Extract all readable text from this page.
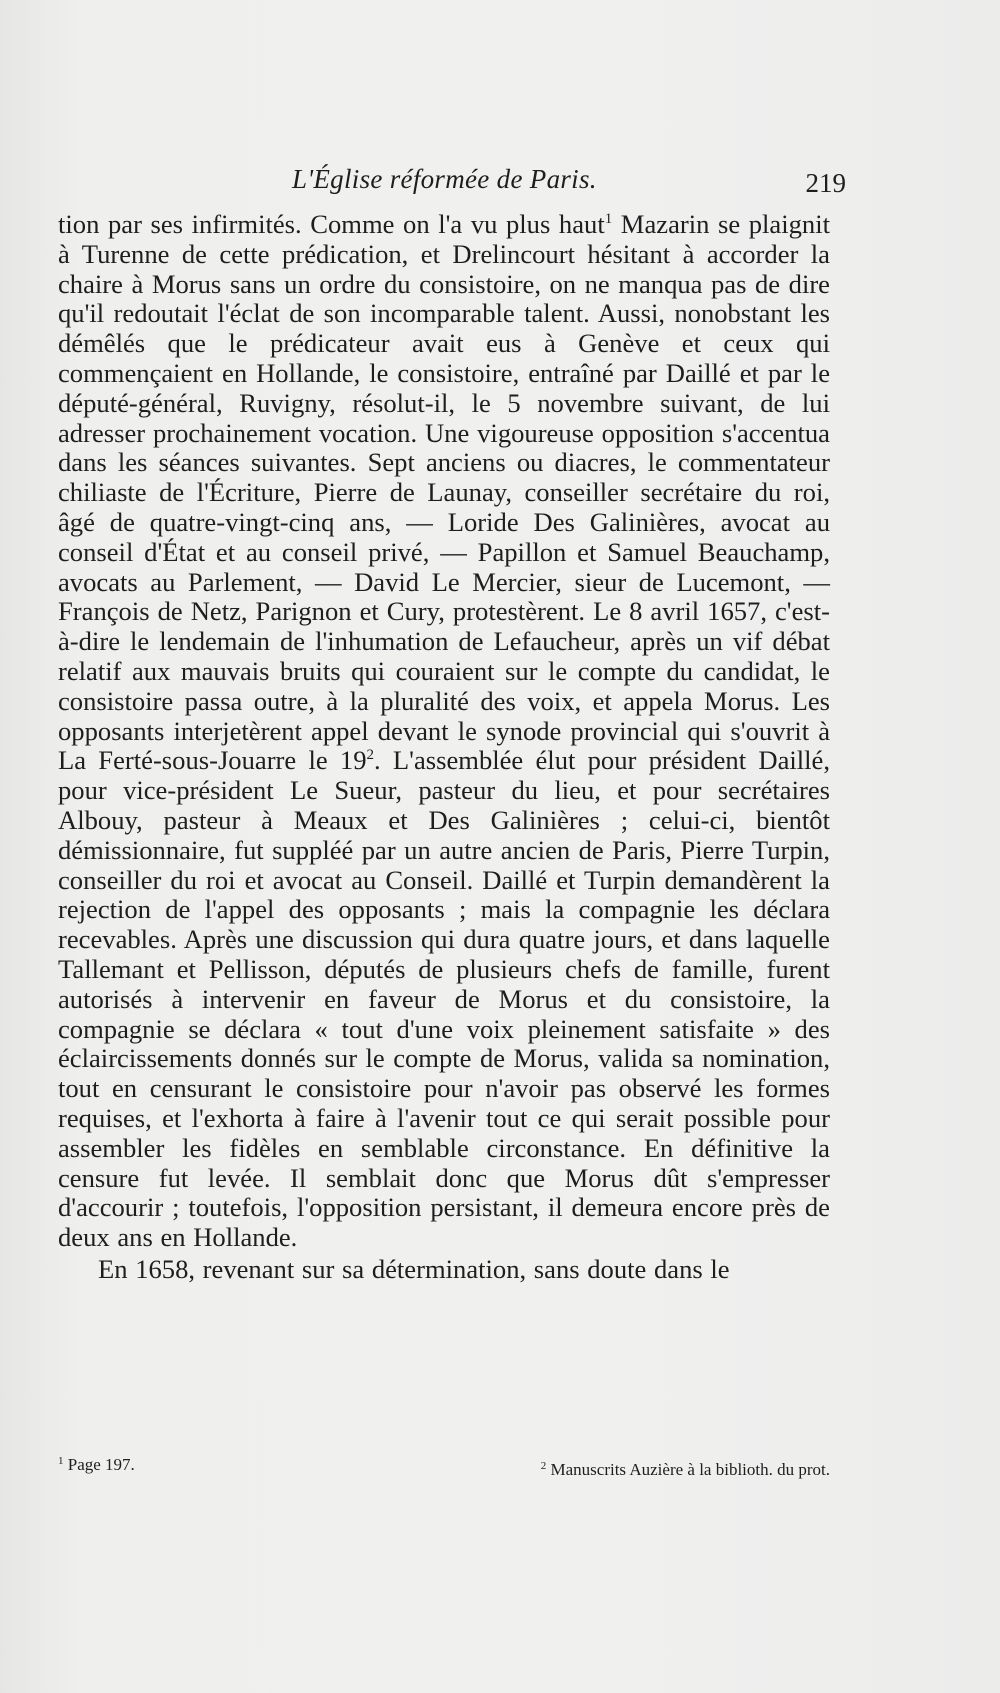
L'Église réformée de Paris.	219

tion par ses infirmités. Comme on l'a vu plus haut$^1$ Mazarin se plaignit à Turenne de cette prédication, et Drelincourt hésitant à accorder la chaire à Morus sans un ordre du consistoire, on ne manqua pas de dire qu'il redoutait l'éclat de son incomparable talent. Aussi, nonobstant les démêlés que le prédicateur avait eus à Genève et ceux qui commençaient en Hollande, le consistoire, entraîné par Daillé et par le député-général, Ruvigny, résolut-il, le 5 novembre suivant, de lui adresser prochainement vocation. Une vigoureuse opposition s'accentua dans les séances suivantes. Sept anciens ou diacres, le commentateur chiliaste de l'Écriture, Pierre de Launay, conseiller secrétaire du roi, âgé de quatre-vingt-cinq ans, — Loride Des Galinières, avocat au conseil d'État et au conseil privé, — Papillon et Samuel Beauchamp, avocats au Parlement, — David Le Mercier, sieur de Lucemont, — François de Netz, Parignon et Cury, protestèrent. Le 8 avril 1657, c'est-à-dire le lendemain de l'inhumation de Lefaucheur, après un vif débat relatif aux mauvais bruits qui couraient sur le compte du candidat, le consistoire passa outre, à la pluralité des voix, et appela Morus. Les opposants interjetèrent appel devant le synode provincial qui s'ouvrit à La Ferté-sous-Jouarre le $19^2$. L'assemblée élut pour président Daillé, pour vice-président Le Sueur, pasteur du lieu, et pour secrétaires Albouy, pasteur à Meaux et Des Galinières ; celui-ci, bientôt démissionnaire, fut suppléé par un autre ancien de Paris, Pierre Turpin, conseiller du roi et avocat au Conseil. Daillé et Turpin demandèrent la rejection de l'appel des opposants ; mais la compagnie les déclara recevables. Après une discussion qui dura quatre jours, et dans laquelle Tallemant et Pellisson, députés de plusieurs chefs de famille, furent autorisés à intervenir en faveur de Morus et du consistoire, la compagnie se déclara « tout d'une voix pleinement satisfaite » des éclaircissements donnés sur le compte de Morus, valida sa nomination, tout en censurant le consistoire pour n'avoir pas observé les formes requises, et l'exhorta à faire à l'avenir tout ce qui serait possible pour assembler les fidèles en semblable circonstance. En définitive la censure fut levée. Il semblait donc que Morus dût s'empresser d'accourir ; toutefois, l'opposition persistant, il demeura encore près de deux ans en Hollande.

En 1658, revenant sur sa détermination, sans doute dans le

$^1$ Page 197.	$^2$ Manuscrits Auzière à la biblioth. du prot.
